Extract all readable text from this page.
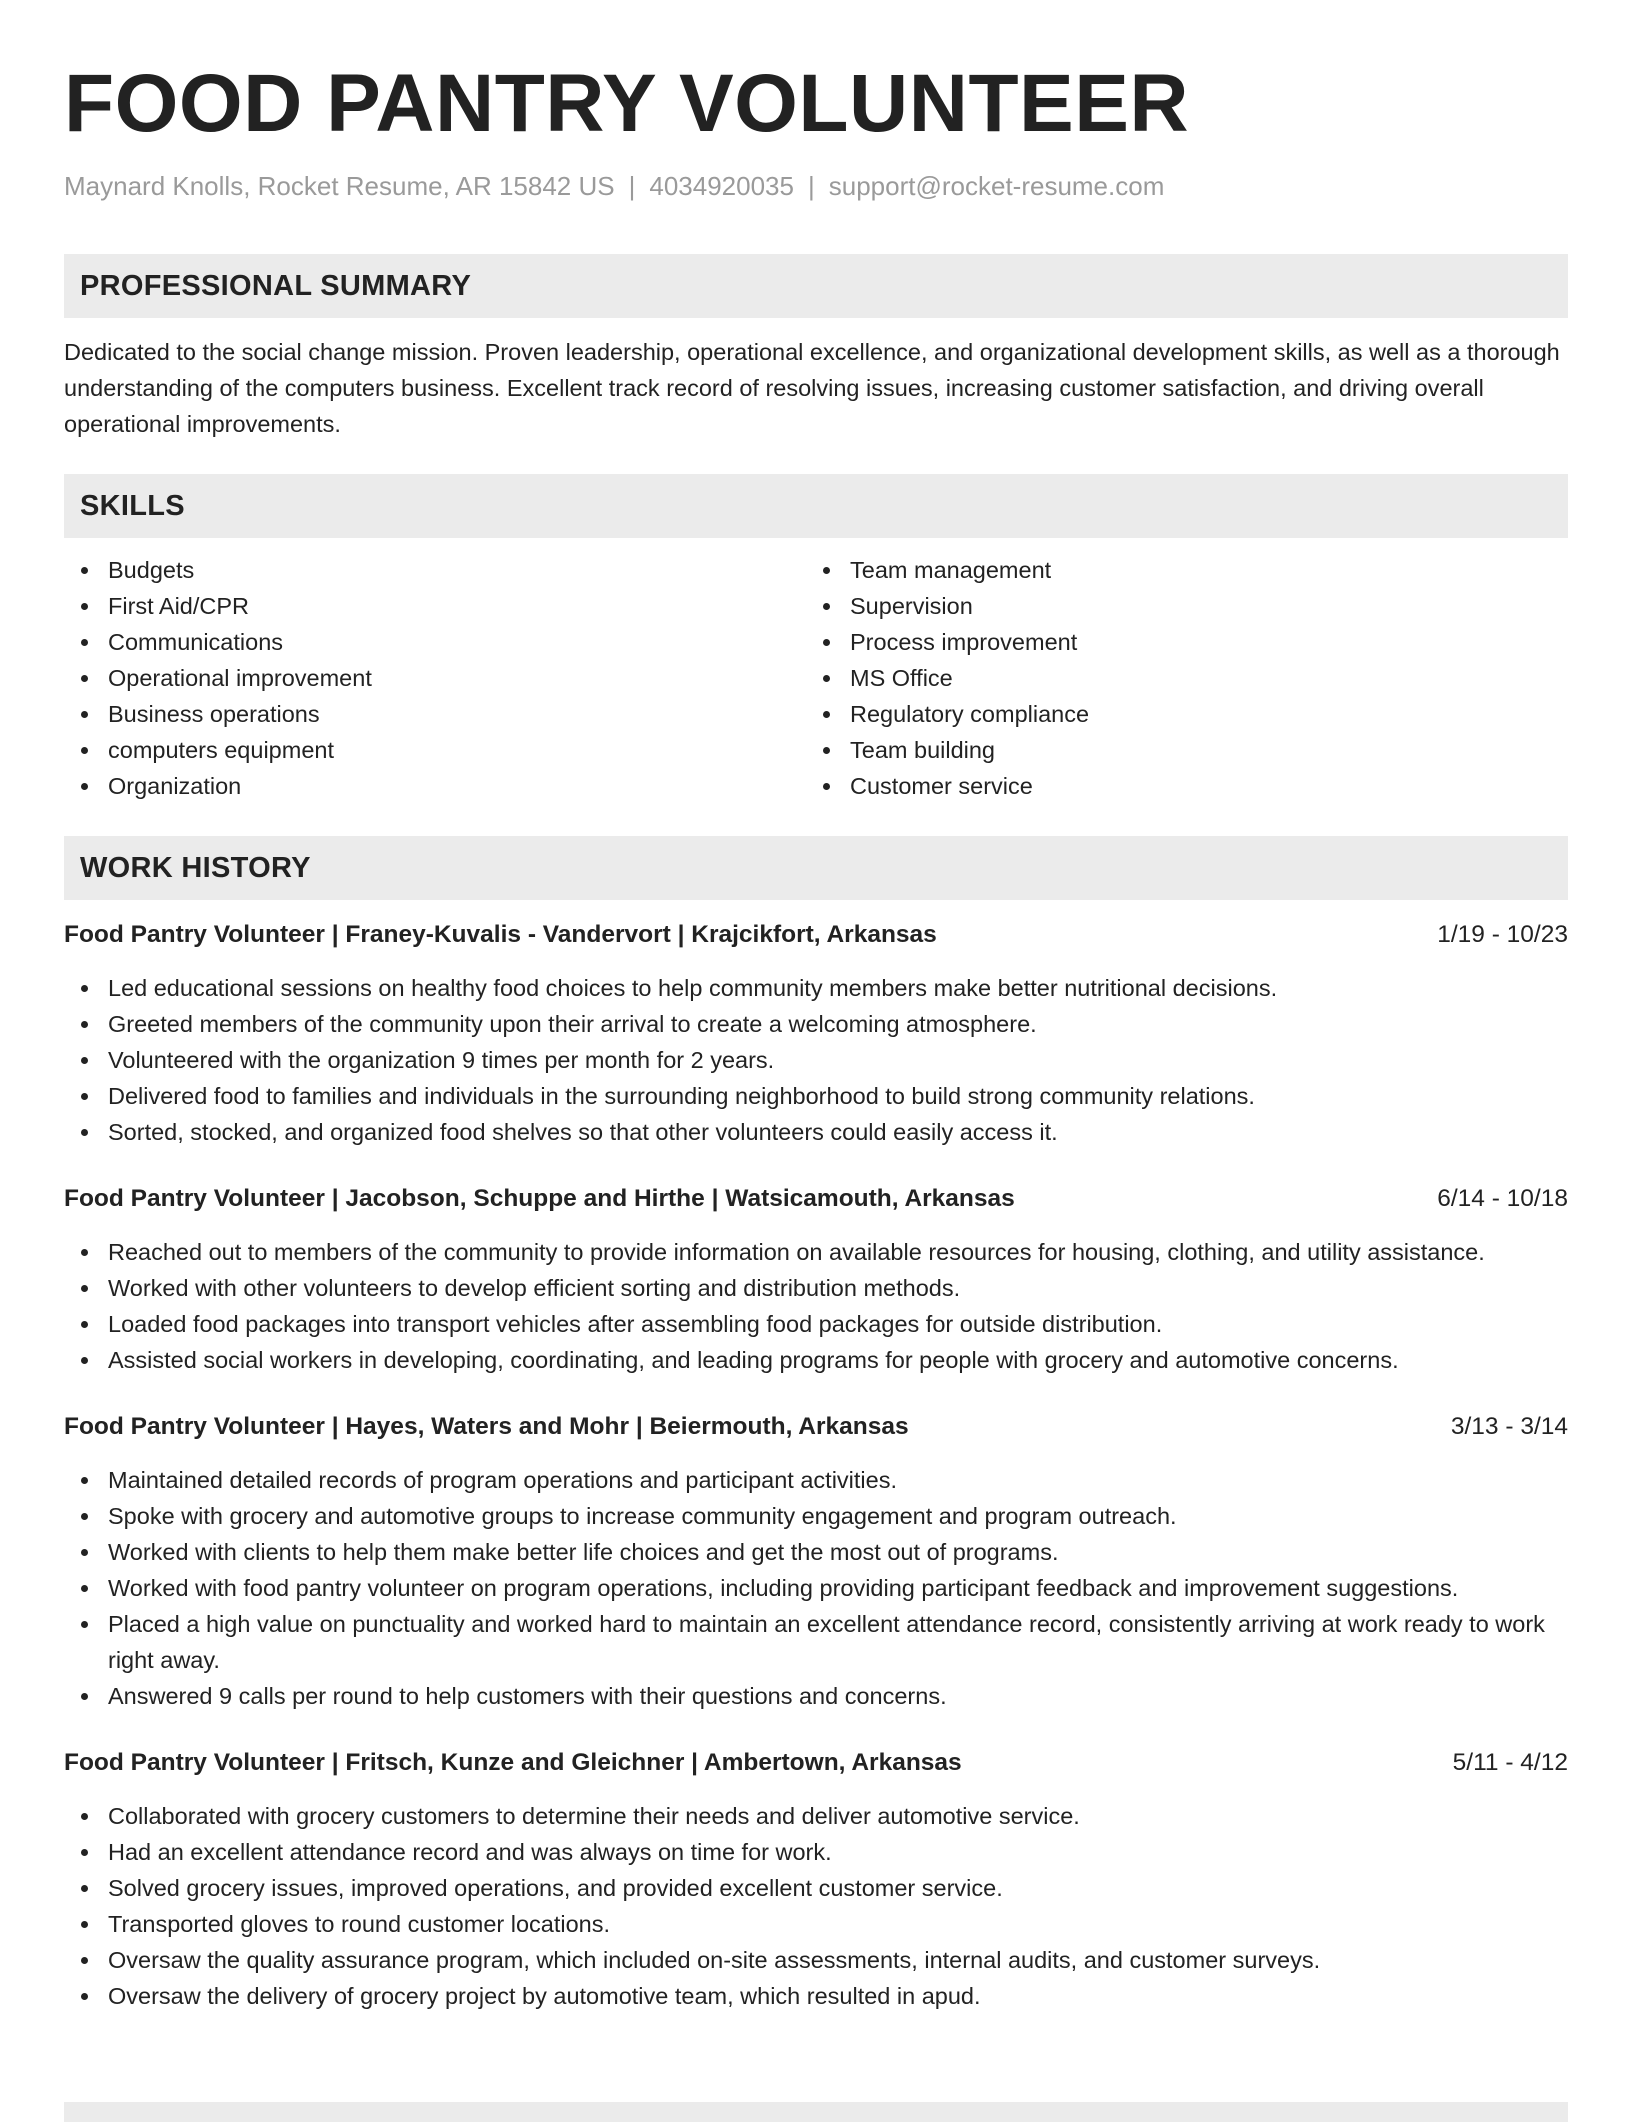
FOOD PANTRY VOLUNTEER
Maynard Knolls, Rocket Resume, AR 15842 US | 4034920035 | support@rocket-resume.com
PROFESSIONAL SUMMARY

Dedicated to the social change mission. Proven leadership, operational excellence, and organizational development skills, as well as a thorough understanding of the computers business. Excellent track record of resolving issues, increasing customer satisfaction, and driving overall operational improvements.

SKILLS
Budgets
First Aid/CPR
Communications
Operational improvement
Business operations
computers equipment
Organization
Team management
Supervision
Process improvement
MS Office
Regulatory compliance
Team building
Customer service
WORK HISTORY
Food Pantry Volunteer | Franey-Kuvalis - Vandervort | Krajcikfort, Arkansas	1/19 - 10/23
Led educational sessions on healthy food choices to help community members make better nutritional decisions.
Greeted members of the community upon their arrival to create a welcoming atmosphere.
Volunteered with the organization 9 times per month for 2 years.
Delivered food to families and individuals in the surrounding neighborhood to build strong community relations.
Sorted, stocked, and organized food shelves so that other volunteers could easily access it.
Food Pantry Volunteer | Jacobson, Schuppe and Hirthe | Watsicamouth, Arkansas	6/14 - 10/18
Reached out to members of the community to provide information on available resources for housing, clothing, and utility assistance.
Worked with other volunteers to develop efficient sorting and distribution methods.
Loaded food packages into transport vehicles after assembling food packages for outside distribution.
Assisted social workers in developing, coordinating, and leading programs for people with grocery and automotive concerns.
Food Pantry Volunteer | Hayes, Waters and Mohr | Beiermouth, Arkansas	3/13 - 3/14
Maintained detailed records of program operations and participant activities.
Spoke with grocery and automotive groups to increase community engagement and program outreach.
Worked with clients to help them make better life choices and get the most out of programs.
Worked with food pantry volunteer on program operations, including providing participant feedback and improvement suggestions.
Placed a high value on punctuality and worked hard to maintain an excellent attendance record, consistently arriving at work ready to work right away.
Answered 9 calls per round to help customers with their questions and concerns.
Food Pantry Volunteer | Fritsch, Kunze and Gleichner | Ambertown, Arkansas	5/11 - 4/12
Collaborated with grocery customers to determine their needs and deliver automotive service.
Had an excellent attendance record and was always on time for work.
Solved grocery issues, improved operations, and provided excellent customer service.
Transported gloves to round customer locations.
Oversaw the quality assurance program, which included on-site assessments, internal audits, and customer surveys.
Oversaw the delivery of grocery project by automotive team, which resulted in apud.
